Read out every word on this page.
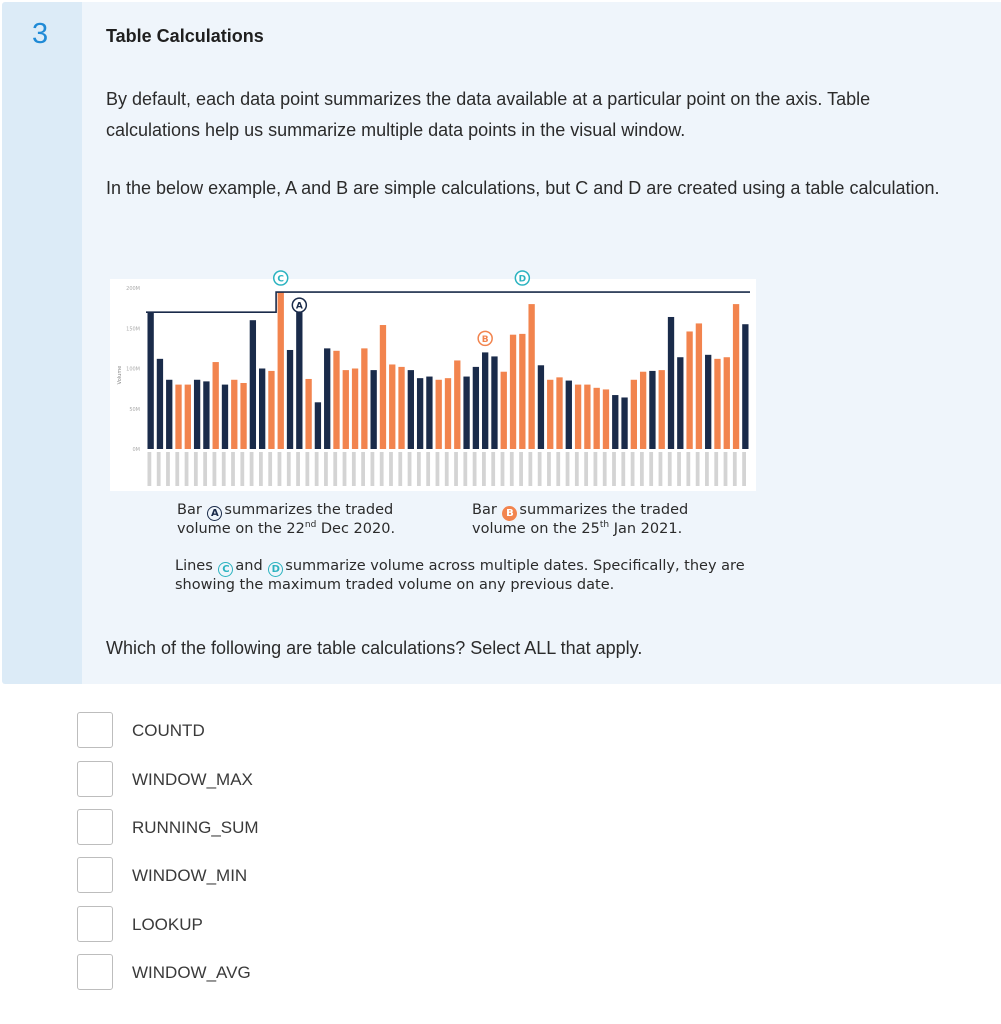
3	Table Calculations
By default, each data point summarizes the data available at a particular point on the axis. Table calculations help us summarize multiple data points in the visual window.
In the below example, A and B are simple calculations, but C and D are created using a table calculation.
200M
150M
100M
50M
0M
Volume
A
B
C	D
Bar A summarizes the traded
volume on the 22nd Dec 2020.
Bar B summarizes the traded
volume on the 25th Jan 2021.
Lines C and D summarize volume across multiple dates. Specifically, they are
showing the maximum traded volume on any previous date.
Which of the following are table calculations? Select ALL that apply.
COUNTD
WINDOW_MAX
RUNNING_SUM
WINDOW_MIN
LOOKUP
WINDOW_AVG
